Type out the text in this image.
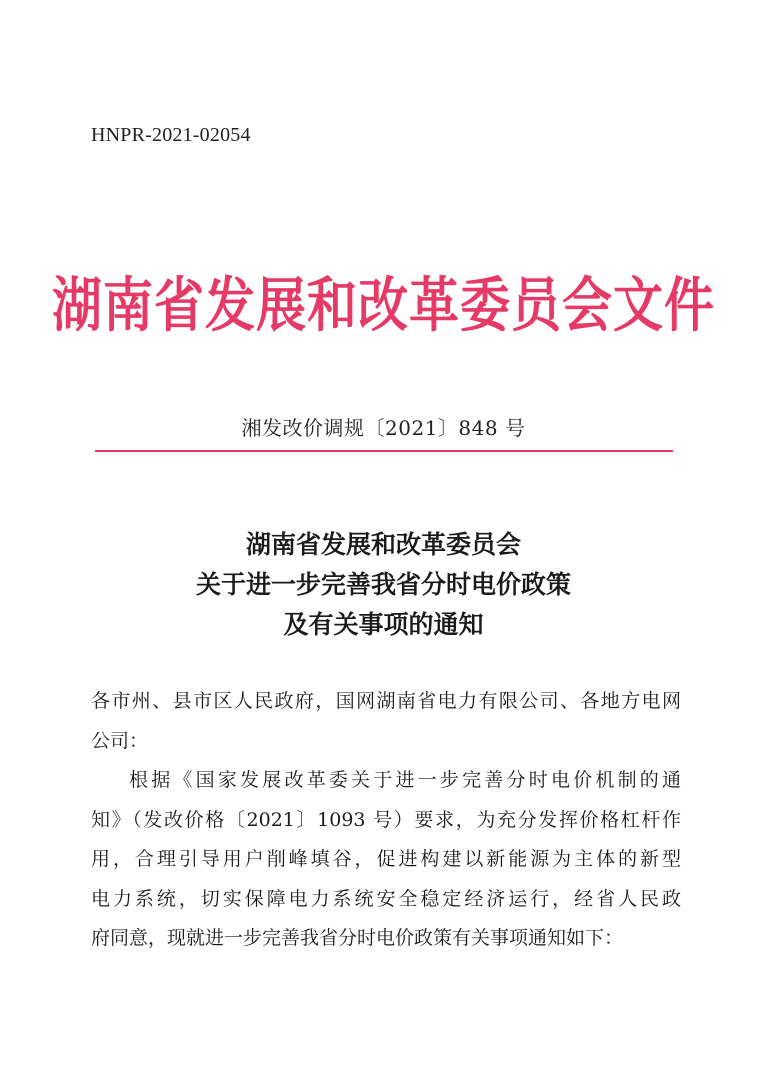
HNPR-2021-02054
湖南省发展和改革委员会文件
湘发改价调规〔2021〕848 号
湖南省发展和改革委员会
关于进一步完善我省分时电价政策
及有关事项的通知
各市州、县市区人民政府，国网湖南省电力有限公司、各地方电网
公司：
根据《国家发展改革委关于进一步完善分时电价机制的通
知》（发改价格〔2021〕1093 号）要求，为充分发挥价格杠杆作
用，合理引导用户削峰填谷，促进构建以新能源为主体的新型
电力系统，切实保障电力系统安全稳定经济运行，经省人民政
府同意，现就进一步完善我省分时电价政策有关事项通知如下：
